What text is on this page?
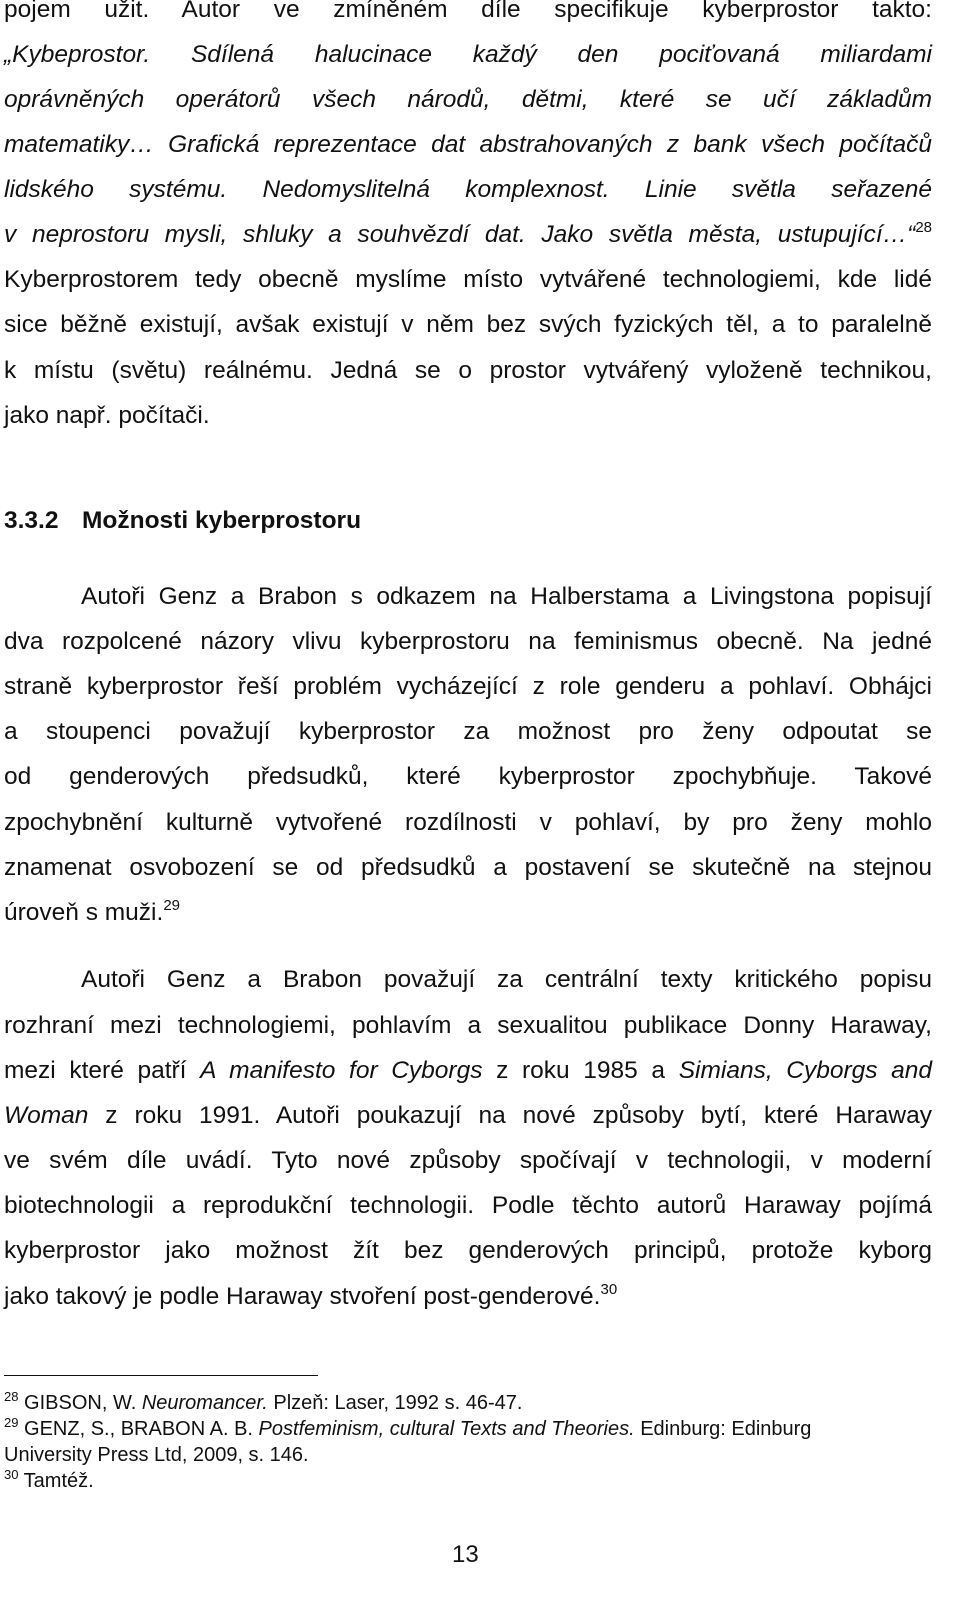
pojem užit. Autor ve zmíněném díle specifikuje kyberprostor takto:
„Kybeprostor. Sdílená halucinace každý den pociťovaná miliardami
oprávněných operátorů všech národů, dětmi, které se učí základům
matematiky… Grafická reprezentace dat abstrahovaných z bank všech počítačů
lidského systému. Nedomyslitelná komplexnost. Linie světla seřazené
v neprostoru mysli, shluky a souhvězdí dat. Jako světla města, ustupující…“$^{28}$
Kyberprostorem tedy obecně myslíme místo vytvářené technologiemi, kde lidé
sice běžně existují, avšak existují v něm bez svých fyzických těl, a to paralelně
k místu (světu) reálnému. Jedná se o prostor vytvářený vyloženě technikou,
jako např. počítači.
3.3.2 Možnosti kyberprostoru
Autoři Genz a Brabon s odkazem na Halberstama a Livingstona popisují
dva rozpolcené názory vlivu kyberprostoru na feminismus obecně. Na jedné
straně kyberprostor řeší problém vycházející z role genderu a pohlaví. Obhájci
a stoupenci považují kyberprostor za možnost pro ženy odpoutat se
od genderových předsudků, které kyberprostor zpochybňuje. Takové
zpochybnění kulturně vytvořené rozdílnosti v pohlaví, by pro ženy mohlo
znamenat osvobození se od předsudků a postavení se skutečně na stejnou
úroveň s muži.$^{29}$
Autoři Genz a Brabon považují za centrální texty kritického popisu
rozhraní mezi technologiemi, pohlavím a sexualitou publikace Donny Haraway,
mezi které patří A manifesto for Cyborgs z roku 1985 a Simians, Cyborgs and
Woman z roku 1991. Autoři poukazují na nové způsoby bytí, které Haraway
ve svém díle uvádí. Tyto nové způsoby spočívají v technologii, v moderní
biotechnologii a reprodukční technologii. Podle těchto autorů Haraway pojímá
kyberprostor jako možnost žít bez genderových principů, protože kyborg
jako takový je podle Haraway stvoření post-genderové.$^{30}$
$^{28}$ GIBSON, W. Neuromancer. Plzeň: Laser, 1992 s. 46-47.
$^{29}$ GENZ, S., BRABON A. B. Postfeminism, cultural Texts and Theories. Edinburg: Edinburg
University Press Ltd, 2009, s. 146.
$^{30}$ Tamtéž.
13
